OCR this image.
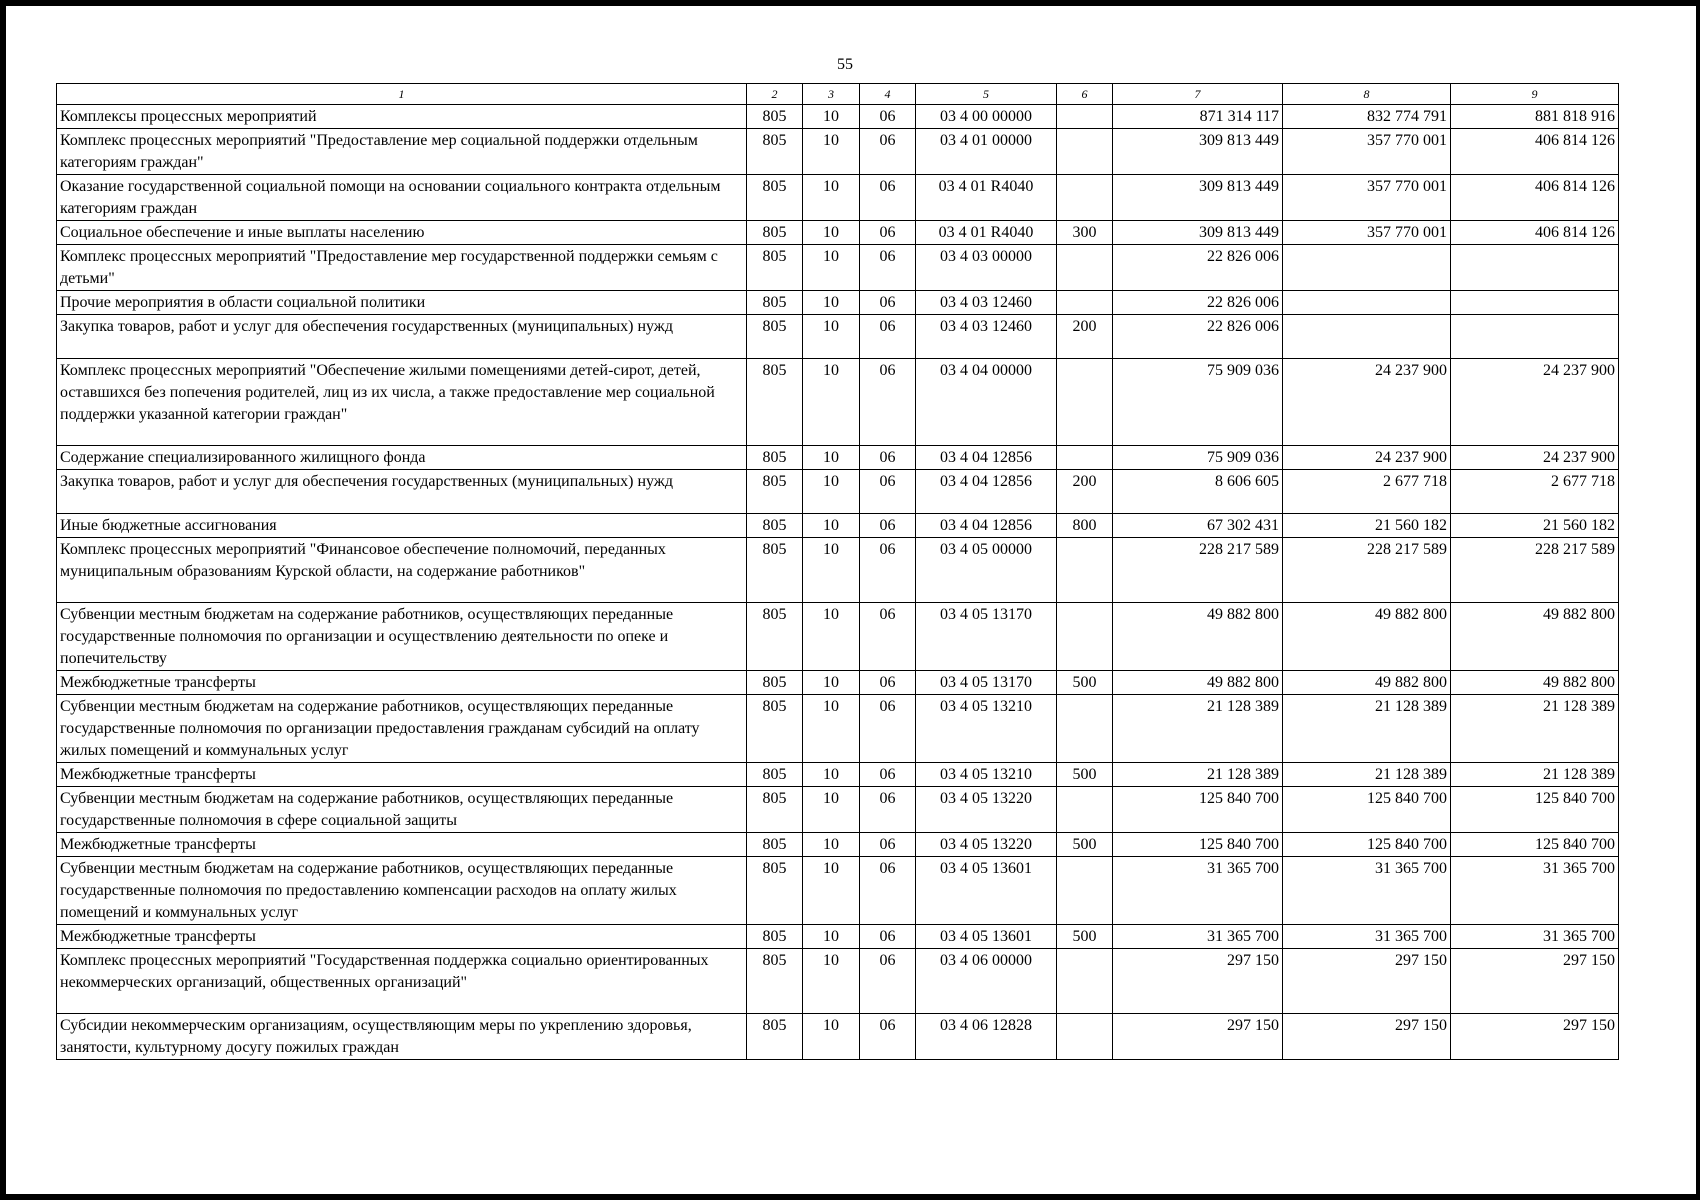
55
1	2	3	4	5	6	7	8	9
Комплексы процессных мероприятий	805	10	06	03 4 00 00000		871 314 117	832 774 791	881 818 916
Комплекс процессных мероприятий "Предоставление мер социальной поддержки отдельным категориям граждан"	805	10	06	03 4 01 00000		309 813 449	357 770 001	406 814 126
Оказание государственной социальной помощи на основании социального контракта отдельным категориям граждан	805	10	06	03 4 01 R4040		309 813 449	357 770 001	406 814 126
Социальное обеспечение и иные выплаты населению	805	10	06	03 4 01 R4040	300	309 813 449	357 770 001	406 814 126
Комплекс процессных мероприятий "Предоставление мер государственной поддержки семьям с детьми"	805	10	06	03 4 03 00000		22 826 006		
Прочие мероприятия в области социальной политики	805	10	06	03 4 03 12460		22 826 006		
Закупка товаров, работ и услуг для обеспечения государственных (муниципальных) нужд	805	10	06	03 4 03 12460	200	22 826 006		
Комплекс процессных мероприятий "Обеспечение жилыми помещениями детей-сирот, детей, оставшихся без попечения родителей, лиц из их числа, а также предоставление мер социальной поддержки указанной категории граждан"	805	10	06	03 4 04 00000		75 909 036	24 237 900	24 237 900
Содержание специализированного жилищного фонда	805	10	06	03 4 04 12856		75 909 036	24 237 900	24 237 900
Закупка товаров, работ и услуг для обеспечения государственных (муниципальных) нужд	805	10	06	03 4 04 12856	200	8 606 605	2 677 718	2 677 718
Иные бюджетные ассигнования	805	10	06	03 4 04 12856	800	67 302 431	21 560 182	21 560 182
Комплекс процессных мероприятий "Финансовое обеспечение полномочий, переданных муниципальным образованиям Курской области, на содержание работников"	805	10	06	03 4 05 00000		228 217 589	228 217 589	228 217 589
Субвенции местным бюджетам на содержание работников, осуществляющих переданные государственные полномочия по организации и осуществлению деятельности по опеке и попечительству	805	10	06	03 4 05 13170		49 882 800	49 882 800	49 882 800
Межбюджетные трансферты	805	10	06	03 4 05 13170	500	49 882 800	49 882 800	49 882 800
Субвенции местным бюджетам на содержание работников, осуществляющих переданные государственные полномочия по организации предоставления гражданам субсидий на оплату жилых помещений и коммунальных услуг	805	10	06	03 4 05 13210		21 128 389	21 128 389	21 128 389
Межбюджетные трансферты	805	10	06	03 4 05 13210	500	21 128 389	21 128 389	21 128 389
Субвенции местным бюджетам на содержание работников, осуществляющих переданные государственные полномочия в сфере социальной защиты	805	10	06	03 4 05 13220		125 840 700	125 840 700	125 840 700
Межбюджетные трансферты	805	10	06	03 4 05 13220	500	125 840 700	125 840 700	125 840 700
Субвенции местным бюджетам на содержание работников, осуществляющих переданные государственные полномочия по предоставлению компенсации расходов на оплату жилых помещений и коммунальных услуг	805	10	06	03 4 05 13601		31 365 700	31 365 700	31 365 700
Межбюджетные трансферты	805	10	06	03 4 05 13601	500	31 365 700	31 365 700	31 365 700
Комплекс процессных мероприятий "Государственная поддержка социально ориентированных некоммерческих организаций, общественных организаций"	805	10	06	03 4 06 00000		297 150	297 150	297 150
Субсидии некоммерческим организациям, осуществляющим меры по укреплению здоровья, занятости, культурному досугу пожилых граждан	805	10	06	03 4 06 12828		297 150	297 150	297 150
